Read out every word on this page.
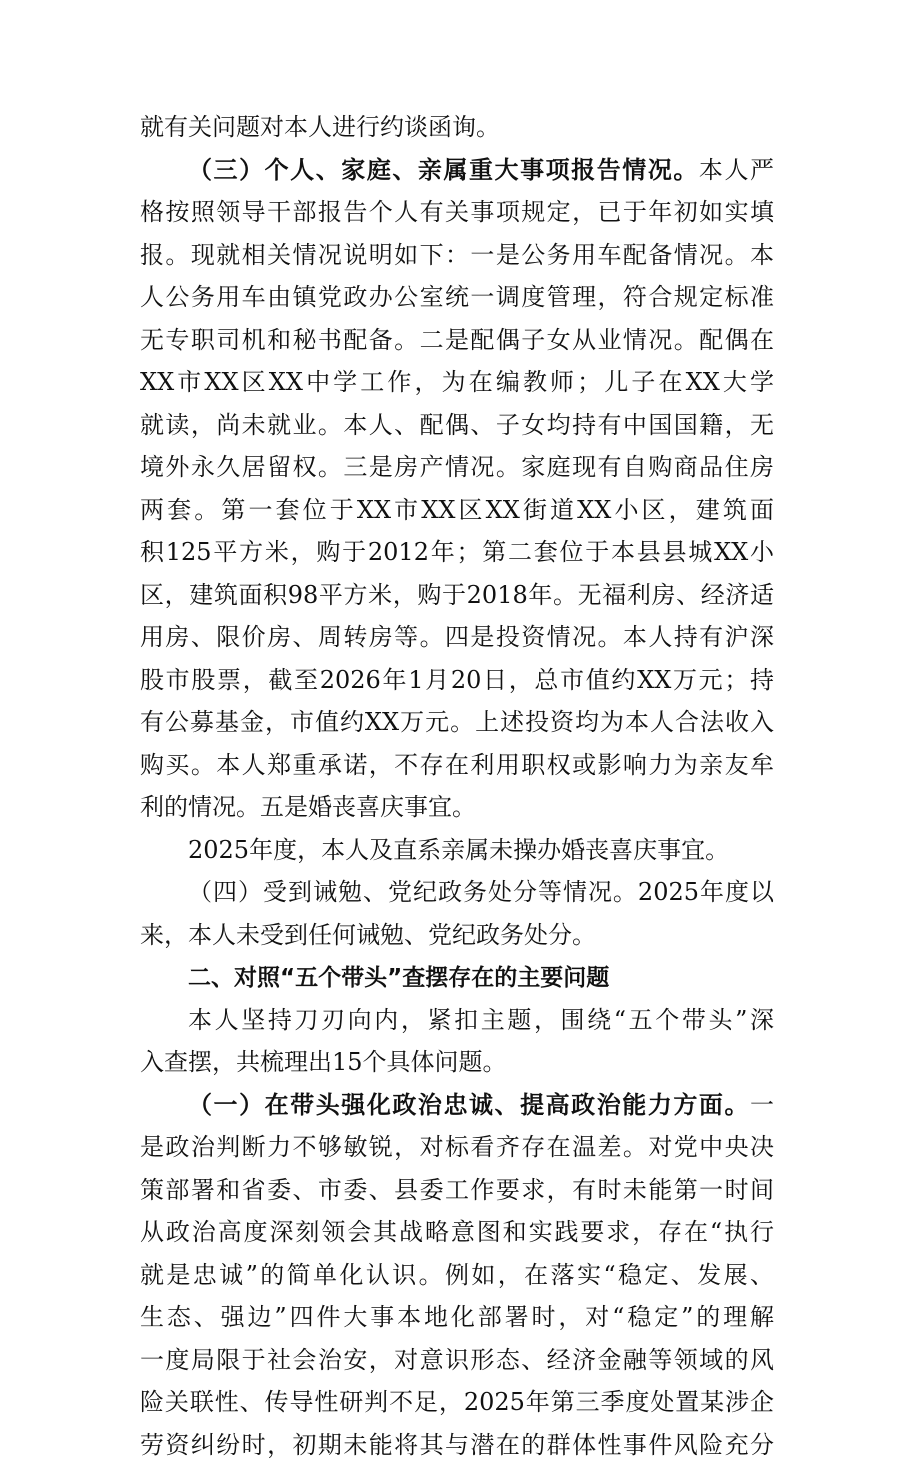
就有关问题对本人进行约谈函询。
（三）个人、家庭、亲属重大事项报告情况。本人严
格按照领导干部报告个人有关事项规定，已于年初如实填
报。现就相关情况说明如下：一是公务用车配备情况。本
人公务用车由镇党政办公室统一调度管理，符合规定标准
无专职司机和秘书配备。二是配偶子女从业情况。配偶在
XX市XX区XX中学工作，为在编教师；儿子在XX大学
就读，尚未就业。本人、配偶、子女均持有中国国籍，无
境外永久居留权。三是房产情况。家庭现有自购商品住房
两套。第一套位于XX市XX区XX街道XX小区，建筑面
积125平方米，购于2012年；第二套位于本县县城XX小
区，建筑面积98平方米，购于2018年。无福利房、经济适
用房、限价房、周转房等。四是投资情况。本人持有沪深
股市股票，截至2026年1月20日，总市值约XX万元；持
有公募基金，市值约XX万元。上述投资均为本人合法收入
购买。本人郑重承诺，不存在利用职权或影响力为亲友牟
利的情况。五是婚丧喜庆事宜。
2025年度，本人及直系亲属未操办婚丧喜庆事宜。
（四）受到诫勉、党纪政务处分等情况。2025年度以
来，本人未受到任何诫勉、党纪政务处分。
二、对照“五个带头”查摆存在的主要问题
本人坚持刀刃向内，紧扣主题，围绕“五个带头”深
入查摆，共梳理出15个具体问题。
（一）在带头强化政治忠诚、提高政治能力方面。一
是政治判断力不够敏锐，对标看齐存在温差。对党中央决
策部署和省委、市委、县委工作要求，有时未能第一时间
从政治高度深刻领会其战略意图和实践要求，存在“执行
就是忠诚”的简单化认识。例如，在落实“稳定、发展、
生态、强边”四件大事本地化部署时，对“稳定”的理解
一度局限于社会治安，对意识形态、经济金融等领域的风
险关联性、传导性研判不足，2025年第三季度处置某涉企
劳资纠纷时，初期未能将其与潜在的群体性事件风险充分
